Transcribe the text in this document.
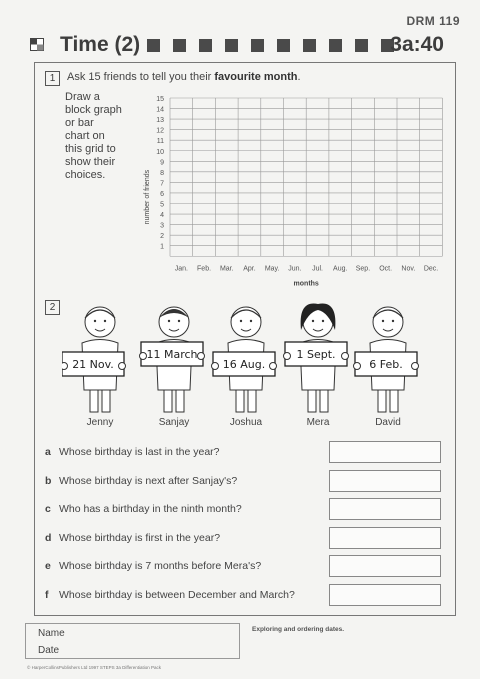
DRM 119
Time (2)	3a:40
1	Ask 15 friends to tell you their favourite month.
Draw a
block graph
or bar
chart on
this grid to
show their
choices.
1
2
3
4
5
6
7
8
9
10
11
12
13
14
15
Jan. Feb. Mar. Apr. May. Jun. Jul. Aug. Sep. Oct. Nov. Dec.
months
number of friends
2
21 Nov.
11 March
16 Aug.
1 Sept.
6 Feb.
Jenny	Sanjay	Joshua	Mera	David
a Whose birthday is last in the year?
b Whose birthday is next after Sanjay's?
c Who has a birthday in the ninth month?
d Whose birthday is first in the year?
e Whose birthday is 7 months before Mera's?
f Whose birthday is between December and March?
Name
Date
Exploring and ordering dates.
© HarperCollinsPublishers Ltd 1997 STEPS 3a Differentiation Pack
